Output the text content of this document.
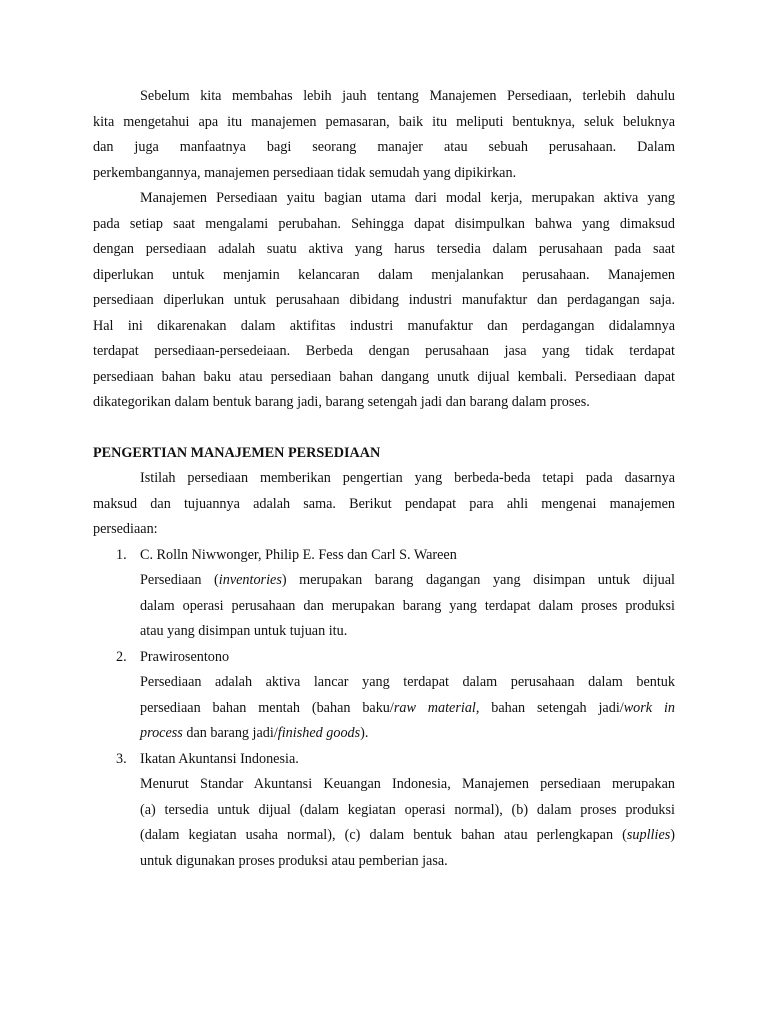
Sebelum kita membahas lebih jauh tentang Manajemen Persediaan, terlebih dahulu
kita mengetahui apa itu manajemen pemasaran, baik itu meliputi bentuknya, seluk beluknya
dan juga manfaatnya bagi seorang manajer atau sebuah perusahaan. Dalam
perkembangannya, manajemen persediaan tidak semudah yang dipikirkan.
Manajemen Persediaan yaitu bagian utama dari modal kerja, merupakan aktiva yang
pada setiap saat mengalami perubahan. Sehingga dapat disimpulkan bahwa yang dimaksud
dengan persediaan adalah suatu aktiva yang harus tersedia dalam perusahaan pada saat
diperlukan untuk menjamin kelancaran dalam menjalankan perusahaan. Manajemen
persediaan diperlukan untuk perusahaan dibidang industri manufaktur dan perdagangan saja.
Hal ini dikarenakan dalam aktifitas industri manufaktur dan perdagangan didalamnya
terdapat persediaan-persedeiaan. Berbeda dengan perusahaan jasa yang tidak terdapat
persediaan bahan baku atau persediaan bahan dangang unutk dijual kembali. Persediaan dapat
dikategorikan dalam bentuk barang jadi, barang setengah jadi dan barang dalam proses.
PENGERTIAN MANAJEMEN PERSEDIAAN
Istilah persediaan memberikan pengertian yang berbeda-beda tetapi pada dasarnya
maksud dan tujuannya adalah sama. Berikut pendapat para ahli mengenai manajemen
persediaan:
1. C. Rolln Niwwonger, Philip E. Fess dan Carl S. Wareen
Persediaan (inventories) merupakan barang dagangan yang disimpan untuk dijual
dalam operasi perusahaan dan merupakan barang yang terdapat dalam proses produksi
atau yang disimpan untuk tujuan itu.
2. Prawirosentono
Persediaan adalah aktiva lancar yang terdapat dalam perusahaan dalam bentuk
persediaan bahan mentah (bahan baku/raw material, bahan setengah jadi/work in
process dan barang jadi/finished goods).
3. Ikatan Akuntansi Indonesia.
Menurut Standar Akuntansi Keuangan Indonesia, Manajemen persediaan merupakan
(a) tersedia untuk dijual (dalam kegiatan operasi normal), (b) dalam proses produksi
(dalam kegiatan usaha normal), (c) dalam bentuk bahan atau perlengkapan (supllies)
untuk digunakan proses produksi atau pemberian jasa.
